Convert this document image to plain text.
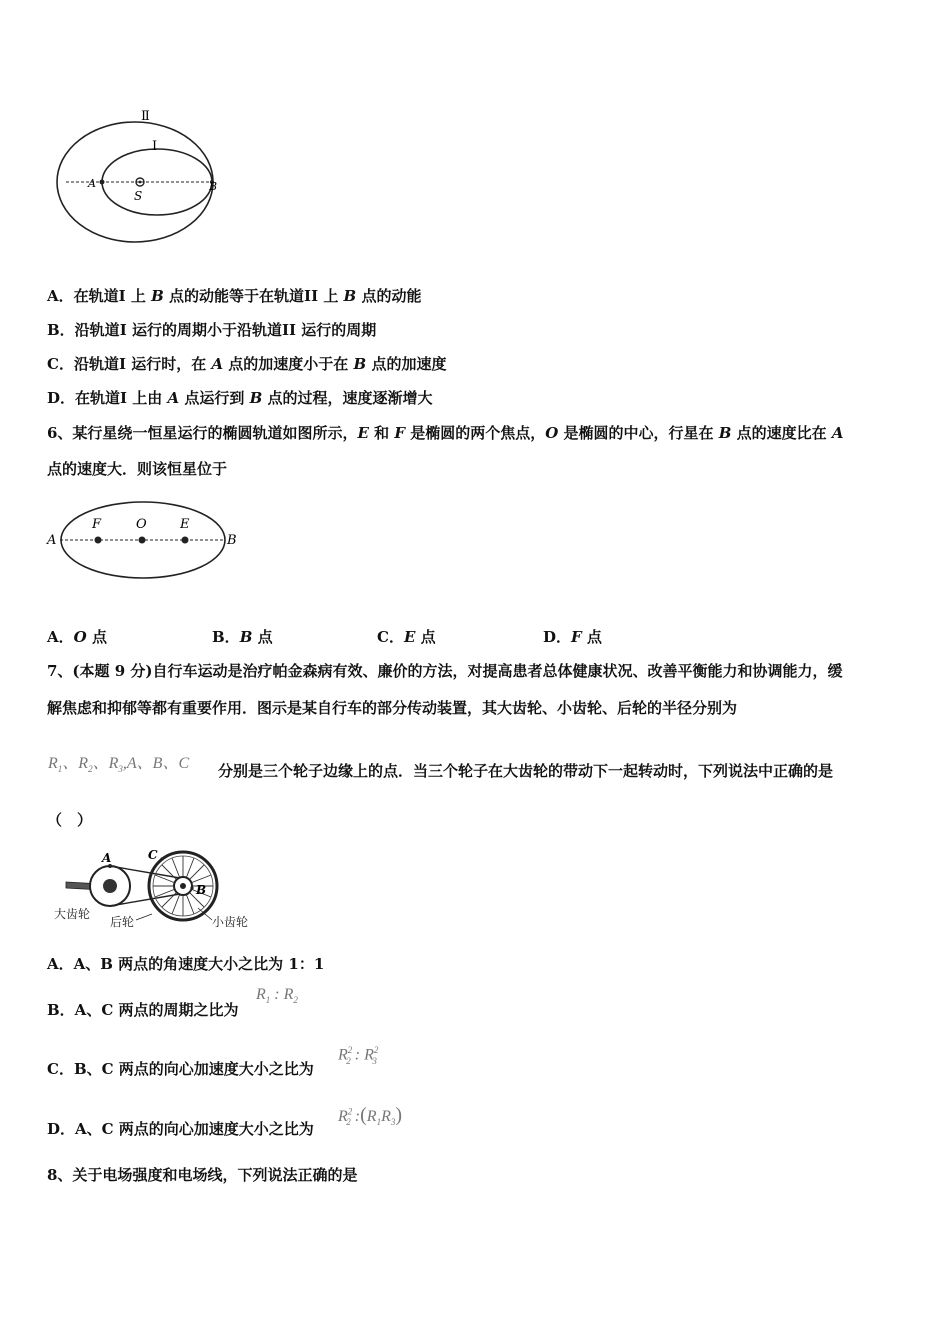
Ⅱ
I
A	B
S
A．在轨道I 上 B 点的动能等于在轨道II 上 B 点的动能
B．沿轨道I 运行的周期小于沿轨道II 运行的周期
C．沿轨道I 运行时，在 A 点的加速度小于在 B 点的加速度
D．在轨道I 上由 A 点运行到 B 点的过程，速度逐渐增大
6、某行星绕一恒星运行的椭圆轨道如图所示，E 和 F 是椭圆的两个焦点，O 是椭圆的中心，行星在 B 点的速度比在 A
点的速度大．则该恒星位于
A	B
F	O	E
A．O 点	B．B 点	C．E 点	D．F 点
7、(本题 9 分)自行车运动是治疗帕金森病有效、廉价的方法，对提高患者总体健康状况、改善平衡能力和协调能力，缓
解焦虑和抑郁等都有重要作用．图示是某自行车的部分传动装置，其大齿轮、小齿轮、后轮的半径分别为
$R_1$、$R_2$、$R_3,A$、B、C 分别是三个轮子边缘上的点．当三个轮子在大齿轮的带动下一起转动时，下列说法中正确的是
（　）
A	C
B
大齿轮
后轮	小齿轮
A．A、B 两点的角速度大小之比为 1：1
B．A、C 两点的周期之比为
$R_1$ : $R_2$
C．B、C 两点的向心加速度大小之比为
$R^2_2$ : $R^2_3$
D．A、C 两点的向心加速度大小之比为
$R^2_2$ $:(R_1R_3)$
8、关于电场强度和电场线，下列说法正确的是
